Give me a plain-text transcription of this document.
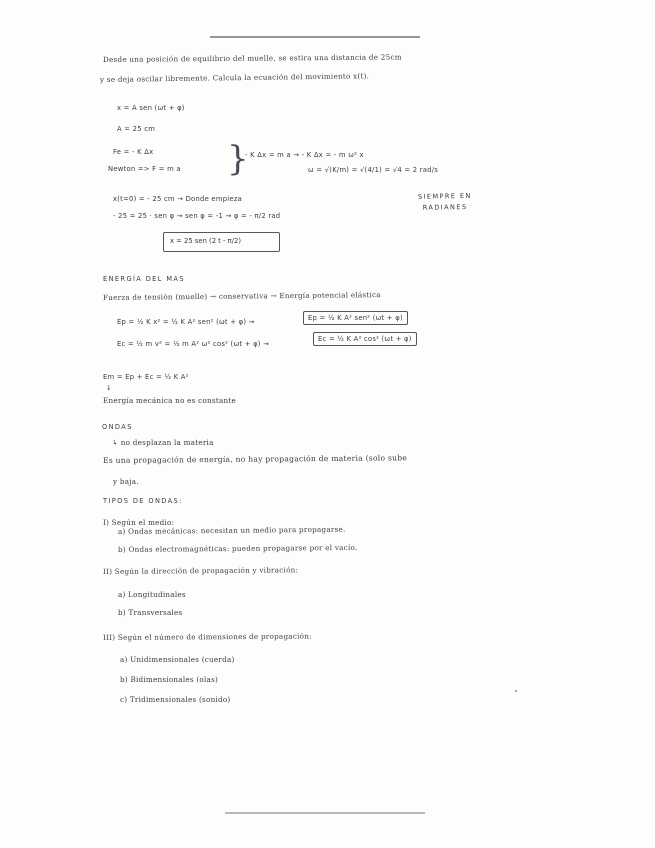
Desde una posición de equilibrio del muelle, se estira una distancia de 25cm
y se deja oscilar libremente. Calcula la ecuación del movimiento x(t).
x = A sen (ωt + φ)
A = 25 cm
Fe = - K Δx
Newton => F = m a }
- K Δx = m a → - K Δx = - m ω² x
ω = √(K/m) = √(4/1) = √4 = 2 rad/s
x(t=0) = - 25 cm → Donde empieza	SIEMPRE EN RADIANES
- 25 = 25 · sen φ → sen φ = -1 → φ = - π/2 rad
x = 25 sen (2 t - π/2)
ENERGÍA DEL MAS
Fuerza de tensión (muelle) → conservativa → Energía potencial elástica
Ep = ½ K x² = ½ K A² sen² (ωt + φ) →	Ep = ½ K A² sen² (ωt + φ)
Ec = ½ m v² = ½ m A² ω² cos² (ωt + φ) →
Ec = ½ K A² cos² (ωt + φ)
Em = Ep + Ec = ½ K A²
↓
Energía mecánica no es constante
ONDAS
↳ no desplazan la materia
Es una propagación de energía, no hay propagación de materia (solo sube
y baja.
TIPOS DE ONDAS:
I) Según el medio:
a) Ondas mecánicas: necesitan un medio para propagarse.
b) Ondas electromagnéticas: pueden propagarse por el vacío.
II) Según la dirección de propagación y vibración:
a) Longitudinales
b) Transversales
III) Según el número de dimensiones de propagación:
a) Unidimensionales (cuerda)
b) Bidimensionales (olas)
c) Tridimensionales (sonido)
